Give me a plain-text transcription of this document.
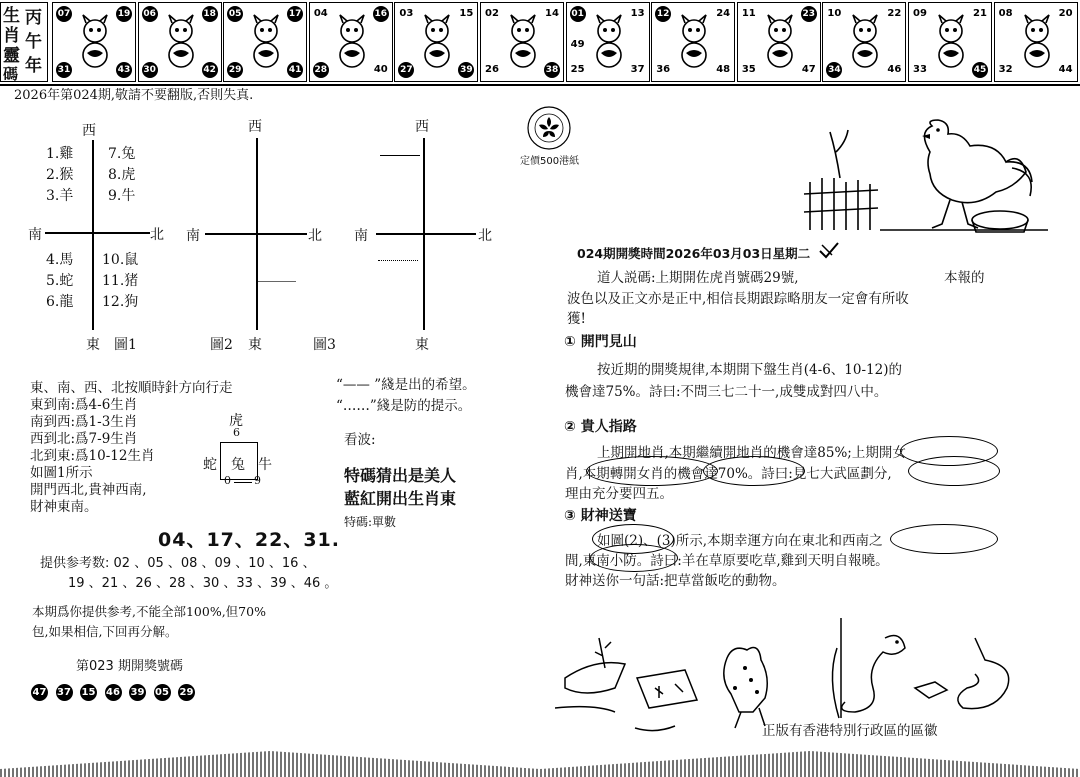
生
肖
靈
碼
丙
午
年
07	19
31	43
06	18
30	42
05	17
29	41
04	16
28	40
03	15
27	39
02	14
26	38
01	13
25	37
49
12	24
36	48
11	23
35	47
10	22
34	46
09	21
33	45
08	20
32	44
2026年第024期,敬請不要翻版,否則失真.
西
南	北
東 圖1
1.雞
2.猴
3.羊
7.兔
8.虎
9.牛
4.馬
5.蛇
6.龍
10.鼠
11.猪
12.狗
西
南	北
圖2 東	圖3
西
南	北
東
東、南、西、北按順時針方向行走
東到南:爲4-6生肖
南到西:爲1-3生肖
西到北:爲7-9生肖
北到東:爲10-12生肖
如圖1所示
開門西北,貴神西南,
財神東南。
“—— ”綫是出的希望。
“……”綫是防的提示。
虎
6
蛇 兔 牛
0 9
看波:
特碼猜出是美人
藍紅開出生肖東
特碼:單數
04、17、22、31.
提供参考数: 02 、05 、08 、09 、10 、16 、
19 、21 、26 、28 、30 、33 、39 、46 。
本期爲你提供参考,不能全部100%,但70%
包,如果相信,下回再分解。
第023 期開獎號碼
47 37 15 46 39 05 29
定價500港紙
024期開獎時間2026年03月03日星期二
道人説碼:上期開佐虎肖號碼29號,	本報的
波色以及正文亦是正中,相信長期跟踪略朋友一定會有所收
獲!
① 開門見山
按近期的開獎規律,本期開下盤生肖(4-6、10-12)的
機會達75%。詩曰:不問三七二十一,成雙成對四八中。
② 貴人指路
上期開地肖,本期繼續開地肖的機會達85%;上期開女
肖,本期轉開女肖的機會達70%。詩曰:見七大武區劃分,
理由充分要四五。
③ 財神送寶
如圖(2)、(3)所示,本期幸運方向在東北和西南之
間,東南小防。詩曰:羊在草原要吃草,雞到天明自報曉。
財神送你一句話:把草當飯吃的動物。
正版有香港特別行政區的區徽
